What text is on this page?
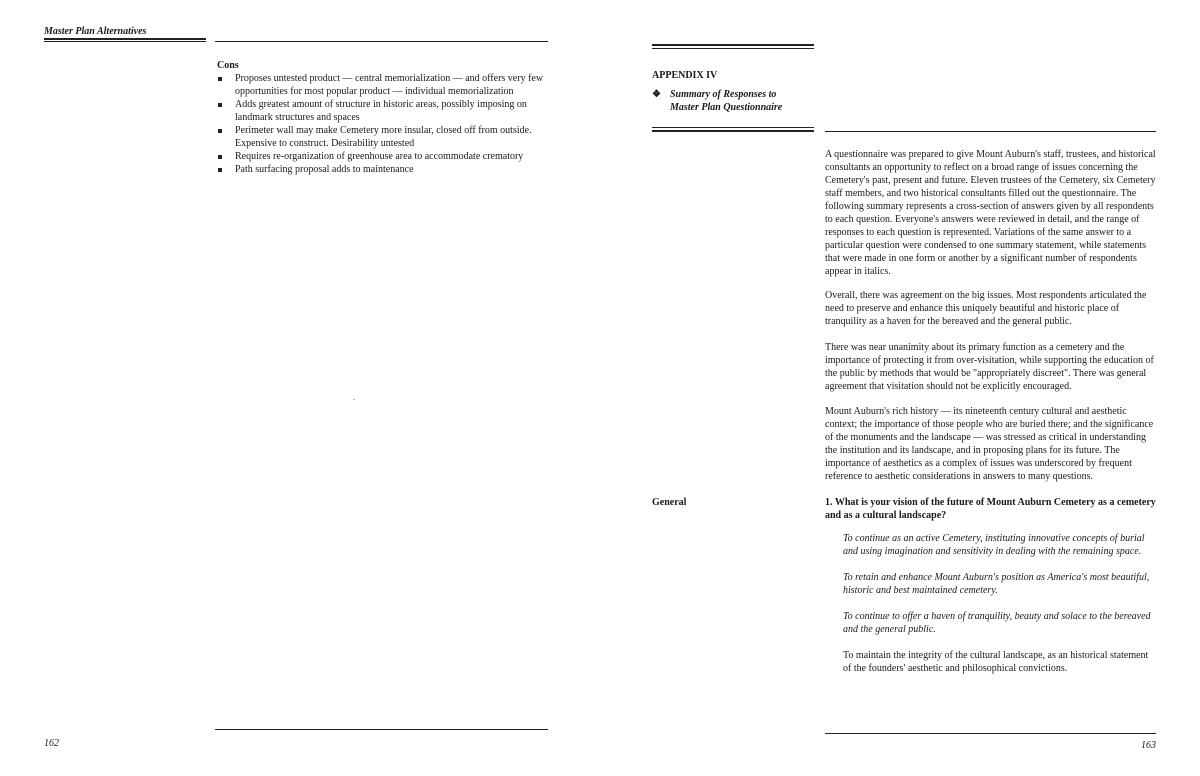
Master Plan Alternatives
Cons
Proposes untested product — central memorialization — and offers very few opportunities for most popular product — individual memorialization
Adds greatest amount of structure in historic areas, possibly imposing on landmark structures and spaces
Perimeter wall may make Cemetery more insular, closed off from outside. Expensive to construct. Desirability untested
Requires re-organization of greenhouse area to accommodate crematory
Path surfacing proposal adds to maintenance
162
APPENDIX IV
❖ Summary of Responses to
Master Plan Questionnaire

A questionnaire was prepared to give Mount Auburn's staff, trustees, and historical consultants an opportunity to reflect on a broad range of issues concerning the Cemetery's past, present and future. Eleven trustees of the Cemetery, six Cemetery staff members, and two historical consultants filled out the questionnaire. The following summary represents a cross-section of answers given by all respondents to each question. Everyone's answers were reviewed in detail, and the range of responses to each question is represented. Variations of the same answer to a particular question were condensed to one summary statement, while statements that were made in one form or another by a significant number of respondents appear in italics.

Overall, there was agreement on the big issues. Most respondents articulated the need to preserve and enhance this uniquely beautiful and historic place of tranquility as a haven for the bereaved and the general public.

There was near unanimity about its primary function as a cemetery and the importance of protecting it from over-visitation, while supporting the education of the public by methods that would be "appropriately discreet". There was general agreement that visitation should not be explicitly encouraged.

Mount Auburn's rich history — its nineteenth century cultural and aesthetic context; the importance of those people who are buried there; and the significance of the monuments and the landscape — was stressed as critical in understanding the institution and its landscape, and in proposing plans for its future. The importance of aesthetics as a complex of issues was underscored by frequent reference to aesthetic considerations in answers to many questions.

General	1. What is your vision of the future of Mount Auburn Cemetery as a cemetery and as a cultural landscape?
To continue as an active Cemetery, instituting innovative concepts of burial and using imagination and sensitivity in dealing with the remaining space.
To retain and enhance Mount Auburn's position as America's most beautiful, historic and best maintained cemetery.
To continue to offer a haven of tranquility, beauty and solace to the bereaved and the general public.
To maintain the integrity of the cultural landscape, as an historical statement of the founders' aesthetic and philosophical convictions.
163
